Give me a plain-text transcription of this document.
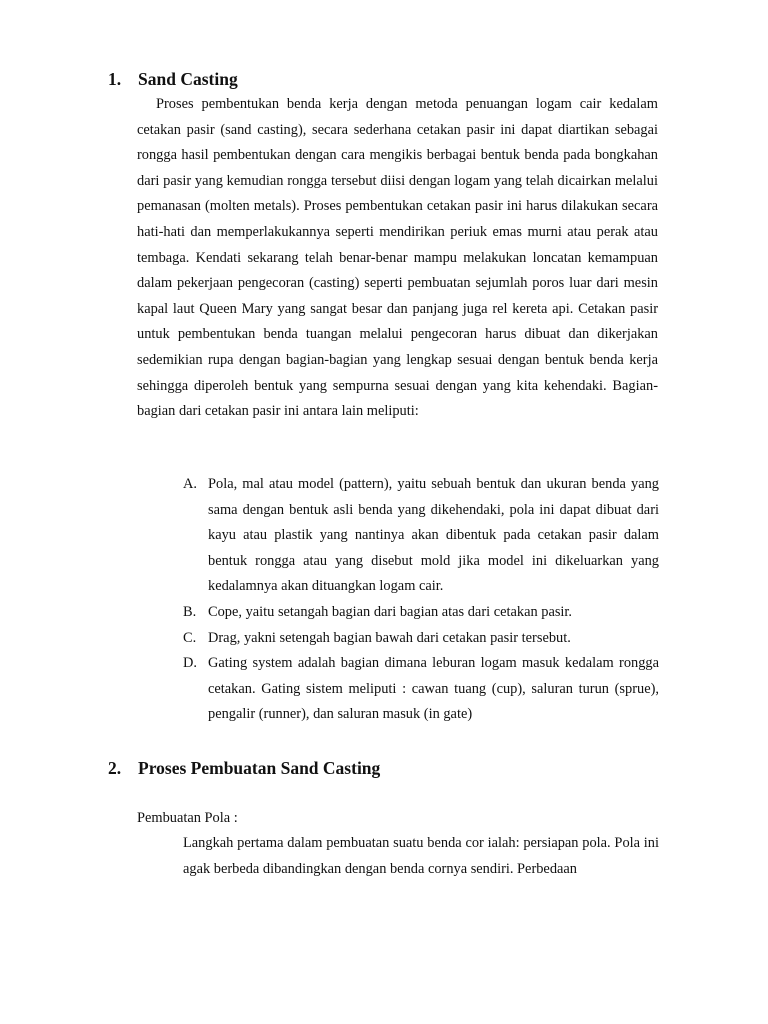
1. Sand Casting

Proses pembentukan benda kerja dengan metoda penuangan logam cair kedalam cetakan pasir (sand casting), secara sederhana cetakan pasir ini dapat diartikan sebagai rongga hasil pembentukan dengan cara mengikis berbagai bentuk benda pada bongkahan dari pasir yang kemudian rongga tersebut diisi dengan logam yang telah dicairkan melalui pemanasan (molten metals). Proses pembentukan cetakan pasir ini harus dilakukan secara hati-hati dan memperlakukannya seperti mendirikan periuk emas murni atau perak atau tembaga. Kendati sekarang telah benar-benar mampu melakukan loncatan kemampuan dalam pekerjaan pengecoran (casting) seperti pembuatan sejumlah poros luar dari mesin kapal laut Queen Mary yang sangat besar dan panjang juga rel kereta api. Cetakan pasir untuk pembentukan benda tuangan melalui pengecoran harus dibuat dan dikerjakan sedemikian rupa dengan bagian-bagian yang lengkap sesuai dengan bentuk benda kerja sehingga diperoleh bentuk yang sempurna sesuai dengan yang kita kehendaki. Bagian-bagian dari cetakan pasir ini antara lain meliputi:

A. Pola, mal atau model (pattern), yaitu sebuah bentuk dan ukuran benda yang sama dengan bentuk asli benda yang dikehendaki, pola ini dapat dibuat dari kayu atau plastik yang nantinya akan dibentuk pada cetakan pasir dalam bentuk rongga atau yang disebut mold jika model ini dikeluarkan yang kedalamnya akan dituangkan logam cair.
B. Cope, yaitu setangah bagian dari bagian atas dari cetakan pasir.
C. Drag, yakni setengah bagian bawah dari cetakan pasir tersebut.
D. Gating system adalah bagian dimana leburan logam masuk kedalam rongga cetakan. Gating sistem meliputi : cawan tuang (cup), saluran turun (sprue), pengalir (runner), dan saluran masuk (in gate)
2. Proses Pembuatan Sand Casting
Pembuatan Pola :

Langkah pertama dalam pembuatan suatu benda cor ialah: persiapan pola. Pola ini agak berbeda dibandingkan dengan benda cornya sendiri. Perbedaan
